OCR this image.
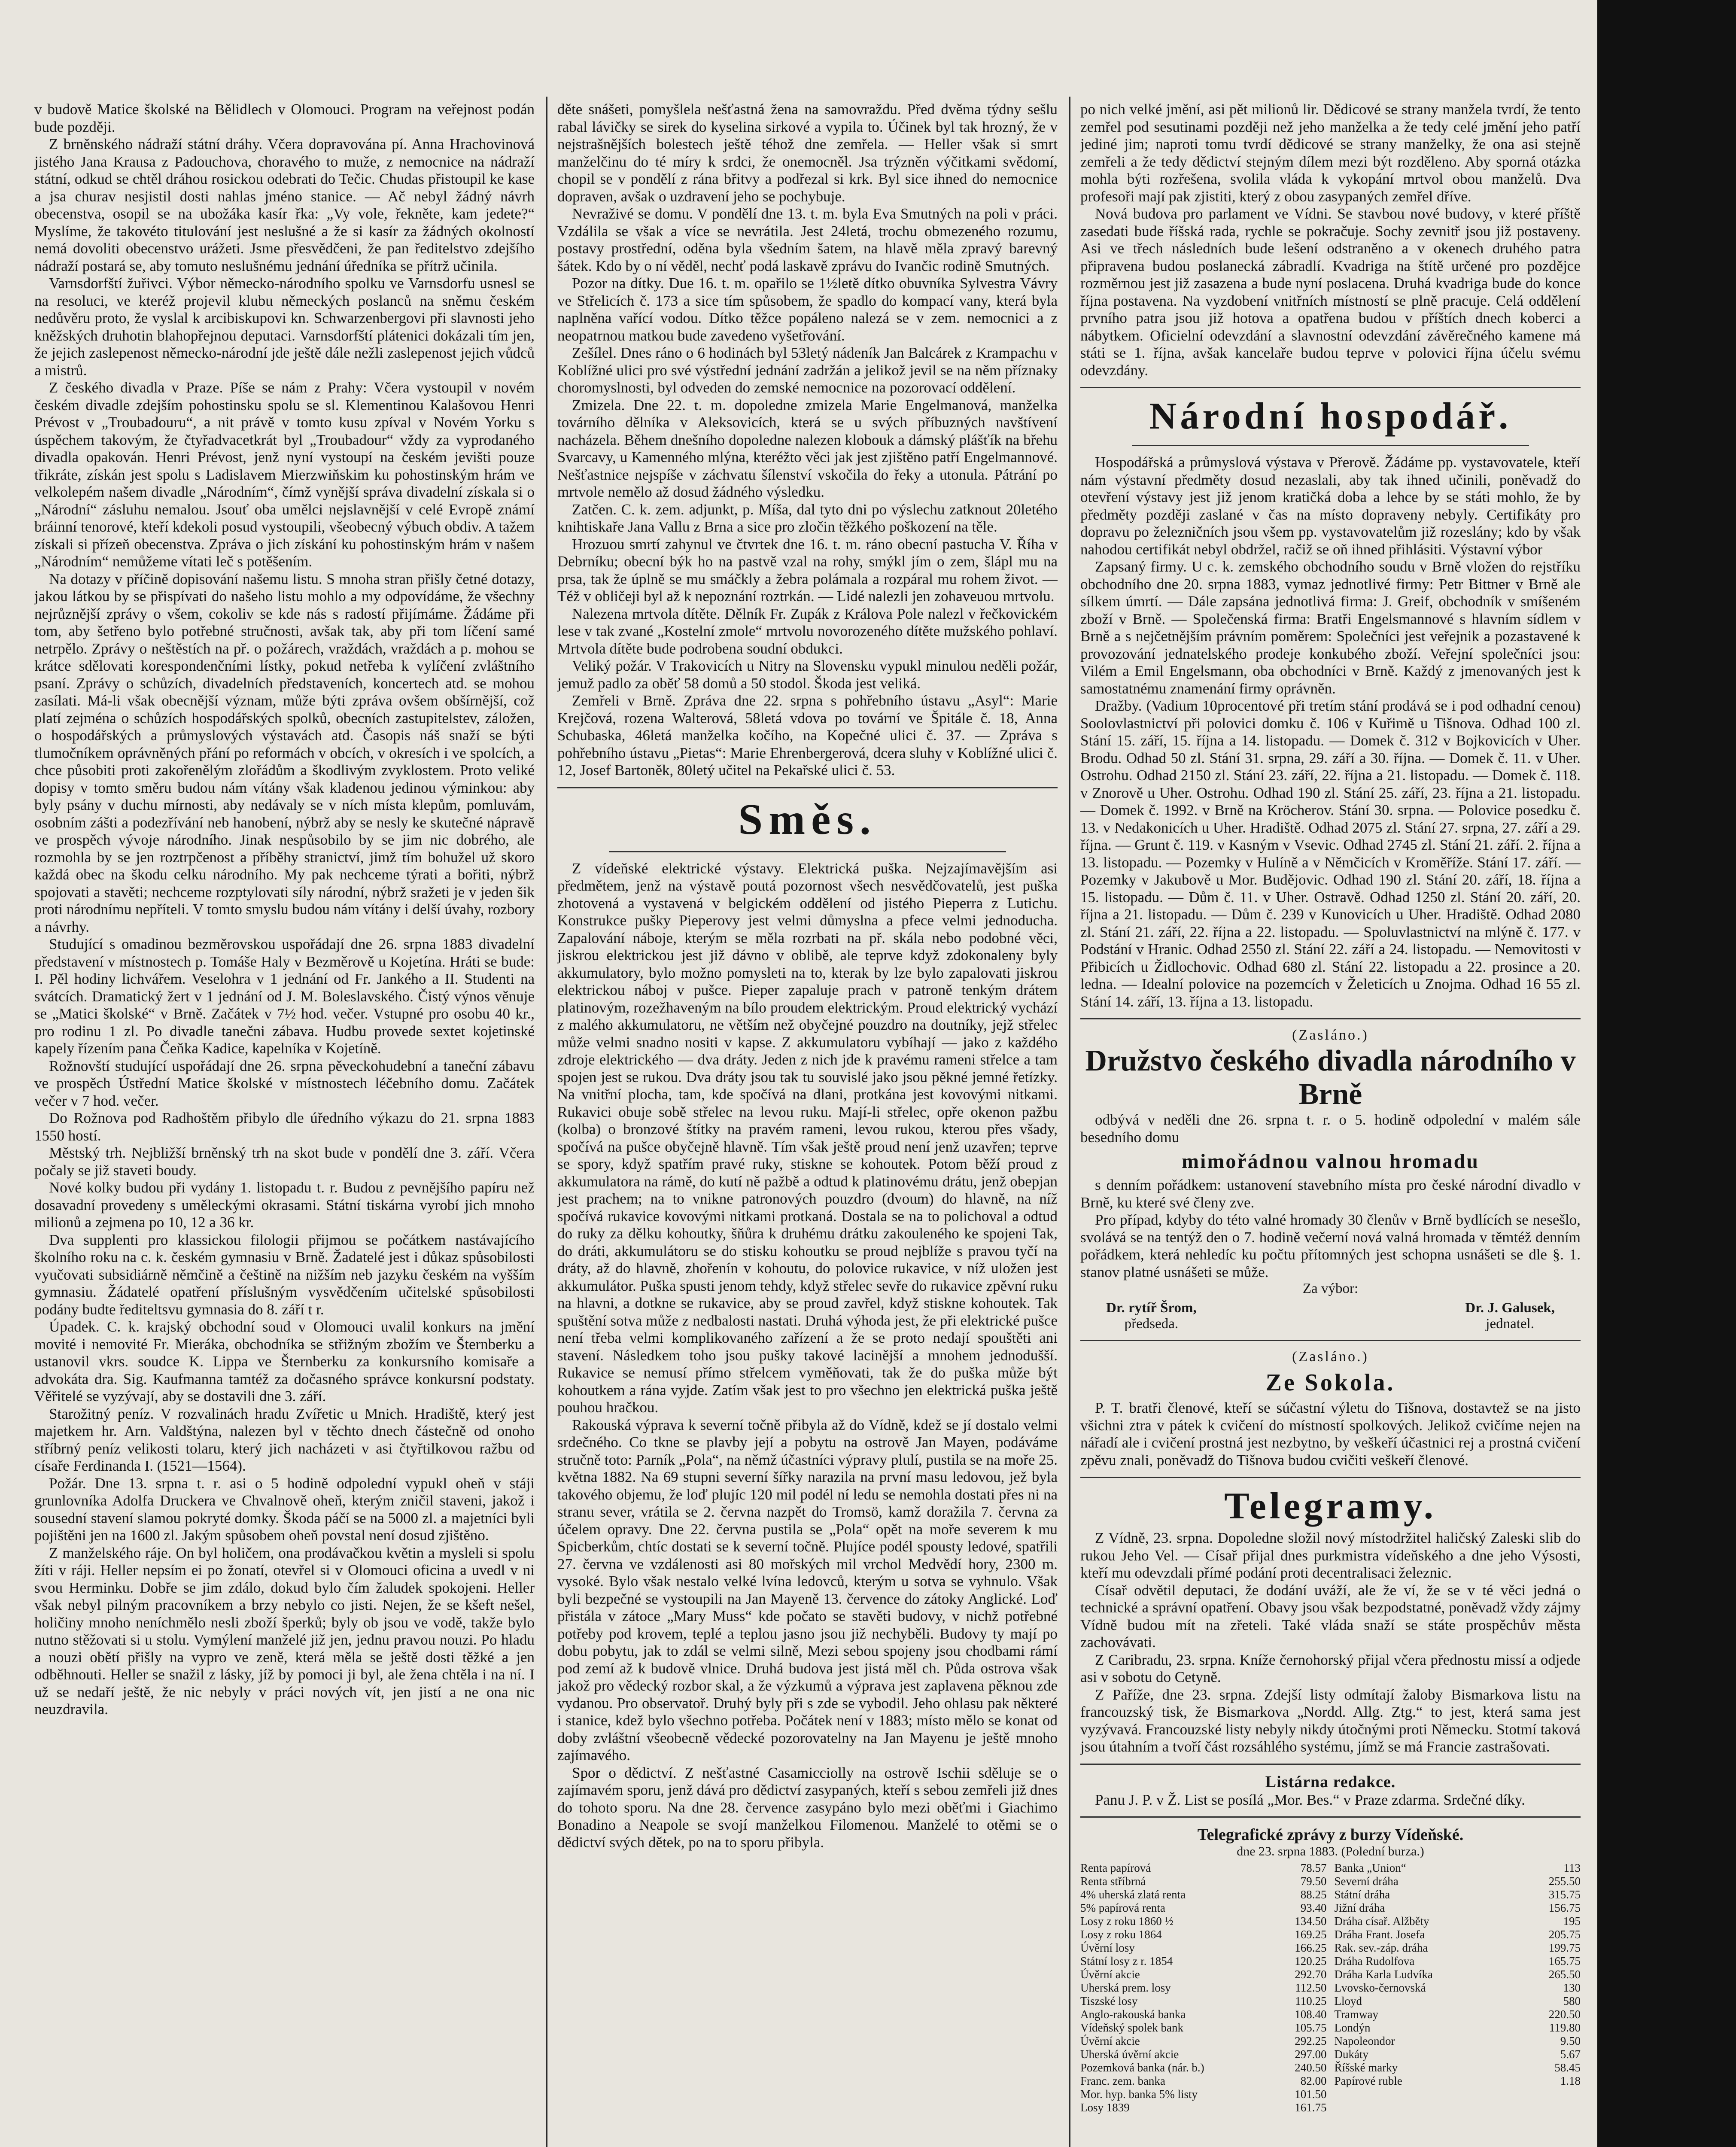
v budově Matice školské na Bělidlech v Olomouci. Program na veřejnost podán bude později.

Z brněnského nádraží státní dráhy. Včera dopravována pí. Anna Hrachovinová jistého Jana Krausa z Padouchova, choravého to muže, z nemocnice na nádraží státní, odkud se chtěl dráhou rosickou odebrati do Tečic. Chudas přistoupil ke kase a jsa churav nesjistil dosti nahlas jméno stanice. — Ač nebyl žádný návrh obecenstva, osopil se na ubožáka kasír řka: „Vy vole, řekněte, kam jedete?“ Myslíme, že takovéto titulování jest neslušné a že si kasír za žádných okolností nemá dovoliti obecenstvo urážeti. Jsme přesvědčeni, že pan ředitelstvo zdejšího nádraží postará se, aby tomuto neslušnému jednání úředníka se přítrž učinila.

Varnsdorfští žuřivci. Výbor německo-národního spolku ve Varnsdorfu usnesl se na resoluci, ve kteréž projevil klubu německých poslanců na sněmu českém nedůvěru proto, že vyslal k arcibiskupovi kn. Schwarzenbergovi při slavnosti jeho kněžských druhotin blahopřejnou deputaci. Varnsdorfští plátenici dokázali tím jen, že jejich zaslepenost německo-národní jde ještě dále nežli zaslepenost jejich vůdců a mistrů.

Z českého divadla v Praze. Píše se nám z Prahy: Včera vystoupil v novém českém divadle zdejším pohostinsku spolu se sl. Klementinou Kalašovou Henri Prévost v „Troubadouru“, a nit právě v tomto kusu zpíval v Novém Yorku s úspěchem takovým, že čtyřadvacetkrát byl „Troubadour“ vždy za vyprodaného divadla opakován. Henri Prévost, jenž nyní vystoupí na českém jevišti pouze třikráte, získán jest spolu s Ladislavem Mierzwiňskim ku pohostinským hrám ve velkolepém našem divadle „Národním“, čímž vynější správa divadelní získala si o „Národní“ zásluhu nemalou. Jsouť oba umělci nejslavnější v celé Evropě známí bráinní tenorové, kteří kdekoli posud vystoupili, všeobecný výbuch obdiv. A tažem získali si přízeň obecenstva. Zpráva o jich získání ku pohostinským hrám v našem „Národním“ nemůžeme vítati leč s potěšením.

Na dotazy v příčině dopisování našemu listu. S mnoha stran přišly četné dotazy, jakou látkou by se přispívati do našeho listu mohlo a my odpovídáme, že všechny nejrůznější zprávy o všem, cokoliv se kde nás s radostí přijímáme. Žádáme při tom, aby šetřeno bylo potřebné stručnosti, avšak tak, aby při tom líčení samé netrpělo. Zprávy o neštěstích na př. o požárech, vraždách, vraždách a p. mohou se krátce sdělovati korespondenčními lístky, pokud netřeba k vylíčení zvláštního psaní. Zprávy o schůzích, divadelních představeních, koncertech atd. se mohou zasílati. Má-li však obecnější význam, může býti zpráva ovšem obšírnější, což platí zejména o schůzích hospodářských spolků, obecních zastupitelstev, záložen, o hospodářských a průmyslových výstavách atd. Časopis náš snaží se býti tlumočníkem oprávněných přání po reformách v obcích, v okresích i ve spolcích, a chce působiti proti zakořenělým zlořádům a škodlivým zvyklostem. Proto veliké dopisy v tomto směru budou nám vítány však kladenou jedinou výminkou: aby byly psány v duchu mírnosti, aby nedávaly se v ních místa klepům, pomluvám, osobním zášti a podezřívání neb hanobení, nýbrž aby se nesly ke skutečné nápravě ve prospěch vývoje národního. Jinak nespůsobilo by se jim nic dobrého, ale rozmohla by se jen roztrpčenost a příběhy stranictví, jimž tím bohužel už skoro každá obec na škodu celku národního. My pak nechceme týrati a bořiti, nýbrž spojovati a stavěti; nechceme rozptylovati síly národní, nýbrž sražeti je v jeden šik proti národnímu nepříteli. V tomto smyslu budou nám vítány i delší úvahy, rozbory a návrhy.

Studující s omadinou bezměrovskou uspořádají dne 26. srpna 1883 divadelní představení v místnostech p. Tomáše Haly v Bezměrově u Kojetína. Hráti se bude: I. Pěl hodiny lichvářem. Veselohra v 1 jednání od Fr. Jankého a II. Studenti na svátcích. Dramatický žert v 1 jednání od J. M. Boleslavského. Čistý výnos věnuje se „Matici školské“ v Brně. Začátek v 7½ hod. večer. Vstupné pro osobu 40 kr., pro rodinu 1 zl. Po divadle tanečni zábava. Hudbu provede sextet kojetinské kapely řízením pana Čeňka Kadice, kapelníka v Kojetíně.

Rožnovští studující uspořádají dne 26. srpna pěveckohudební a taneční zábavu ve prospěch Ústřední Matice školské v místnostech léčebního domu. Začátek večer v 7 hod. večer.

Do Rožnova pod Radhoštěm přibylo dle úředního výkazu do 21. srpna 1883 1550 hostí.

Městský trh. Nejbližší brněnský trh na skot bude v pondělí dne 3. září. Včera počaly se již staveti boudy.

Nové kolky budou při vydány 1. listopadu t. r. Budou z pevnějšího papíru než dosavadní provedeny s uměleckými okrasami. Státní tiskárna vyrobí jich mnoho milionů a zejmena po 10, 12 a 36 kr.

Dva supplenti pro klassickou filologii přijmou se počátkem nastávajícího školního roku na c. k. českém gymnasiu v Brně. Žadatelé jest i důkaz spůsobilosti vyučovati subsidiárně němčině a češtině na nižším neb jazyku českém na vyšším gymnasiu. Žádatelé opatření příslušným vysvědčením učitelské spůsobilosti podány budte řediteltsvu gymnasia do 8. září t r.

Úpadek. C. k. krajský obchodní soud v Olomouci uvalil konkurs na jmění movité i nemovité Fr. Mieráka, obchodníka se střižným zbožím ve Šternberku a ustanovil vkrs. soudce K. Lippa ve Šternberku za konkursního komisaře a advokáta dra. Sig. Kaufmanna tamtéž za dočasného správce konkursní podstaty. Věřitelé se vyzývají, aby se dostavili dne 3. září.

Starožitný peníz. V rozvalinách hradu Zvířetic u Mnich. Hradiště, který jest majetkem hr. Arn. Valdštýna, nalezen byl v těchto dnech částečně od onoho stříbrný peníz velikosti tolaru, který jich nacházeti v asi čtyřtilkovou ražbu od císaře Ferdinanda I. (1521—1564).

Požár. Dne 13. srpna t. r. asi o 5 hodině odpolední vypukl oheň v stáji grunlovníka Adolfa Druckera ve Chvalnově oheň, kterým zničil staveni, jakož i sousední stavení slamou pokryté domky. Škoda páčí se na 5000 zl. a majetníci byli pojištěni jen na 1600 zl. Jakým spůsobem oheň povstal není dosud zjištěno.

Z manželského ráje. On byl holičem, ona prodávačkou květin a mysleli si spolu žíti v ráji. Heller nepsím ei po žonatí, otevřel si v Olomouci oficina a uvedl v ni svou Herminku. Dobře se jim zdálo, dokud bylo čím žaludek spokojeni. Heller však nebyl pilným pracovníkem a brzy nebylo co jisti. Nejen, že se kšeft nešel, holičiny mnoho neníchmělo nesli zboží šperků; byly ob jsou ve vodě, takže bylo nutno stěžovati si u stolu. Vymýlení manželé již jen, jednu pravou nouzi. Po hladu a nouzi obětí přišly na vypro ve zeně, která měla se ještě dosti těžké a jen odběhnouti. Heller se snažil z lásky, jíž by pomoci ji byl, ale žena chtěla i na ní. I už se nedaří ještě, že nic nebyly v práci nových vít, jen jistí a ne ona nic neuzdravila.

děte snášeti, pomyšlela nešťastná žena na samovraždu. Před dvěma týdny sešlu rabal lávičky se sirek do kyselina sirkové a vypila to. Účinek byl tak hrozný, že v nejstrašnějších bolestech ještě téhož dne zemřela. — Heller však si smrt manželčinu do té míry k srdci, že onemocněl. Jsa trýzněn výčitkami svědomí, chopil se v pondělí z rána břitvy a podřezal si krk. Byl sice ihned do nemocnice dopraven, avšak o uzdravení jeho se pochybuje.

Nevraživé se domu. V pondělí dne 13. t. m. byla Eva Smutných na poli v práci. Vzdálila se však a více se nevrátila. Jest 24letá, trochu obmezeného rozumu, postavy prostřední, oděna byla všedním šatem, na hlavě měla zpravý barevný šátek. Kdo by o ní věděl, nechť podá laskavě zprávu do Ivančic rodině Smutných.

Pozor na dítky. Due 16. t. m. opařilo se 1½letě dítko obuvníka Sylvestra Vávry ve Střelicích č. 173 a sice tím spůsobem, že spadlo do kompací vany, která byla naplněna vařící vodou. Dítko těžce popáleno nalezá se v zem. nemocnici a z neopatrnou matkou bude zavedeno vyšetřování.

Zešílel. Dnes ráno o 6 hodinách byl 53letý nádeník Jan Balcárek z Krampachu v Koblížné ulici pro své výstřední jednání zadržán a jelikož jevil se na něm příznaky choromyslnosti, byl odveden do zemské nemocnice na pozorovací oddělení.

Zmizela. Dne 22. t. m. dopoledne zmizela Marie Engelmanová, manželka továrního dělníka v Aleksovicích, která se u svých příbuzných navštívení nacházela. Během dnešního dopoledne nalezen klobouk a dámský plášťík na břehu Svarcavy, u Kamenného mlýna, kteréžto věci jak jest zjištěno patří Engelmannové. Nešťastnice nejspíše v záchvatu šílenství vskočila do řeky a utonula. Pátrání po mrtvole nemělo až dosud žádného výsledku.

Zatčen. C. k. zem. adjunkt, p. Míša, dal tyto dni po výslechu zatknout 20letého knihtiskaře Jana Vallu z Brna a sice pro zločin těžkého poškození na těle.

Hrozuou smrtí zahynul ve čtvrtek dne 16. t. m. ráno obecní pastucha V. Říha v Debrníku; obecní býk ho na pastvě vzal na rohy, smýkl jím o zem, šlápl mu na prsa, tak že úplně se mu smáčkly a žebra polámala a rozpáral mu rohem život. — Též v obličeji byl až k nepoznání roztrkán. — Lidé nalezli jen zohaveuou mrtvolu.

Nalezena mrtvola dítěte. Dělník Fr. Zupák z Králova Pole nalezl v řečkovickém lese v tak zvané „Kostelní zmole“ mrtvolu novorozeného dítěte mužského pohlaví. Mrtvola dítěte bude podrobena soudní obdukci.

Veliký požár. V Trakovicích u Nitry na Slovensku vypukl minulou neděli požár, jemuž padlo za oběť 58 domů a 50 stodol. Škoda jest veliká.

Zemřeli v Brně. Zpráva dne 22. srpna s pohřebního ústavu „Asyl“: Marie Krejčová, rozena Walterová, 58letá vdova po tovární ve Špitále č. 18, Anna Schubaska, 46letá manželka kočího, na Kopečné ulici č. 37. — Zpráva s pohřebního ústavu „Pietas“: Marie Ehrenbergerová, dcera sluhy v Koblížné ulici č. 12, Josef Bartoněk, 80letý učitel na Pekařské ulici č. 53.

Směs.

Z vídeňské elektrické výstavy. Elektrická puška. Nejzajímavějším asi předmětem, jenž na výstavě poutá pozornost všech nesvědčovatelů, jest puška zhotovená a vystavená v belgickém oddělení od jistého Pieperra z Lutichu. Konstrukce pušky Pieperovy jest velmi důmyslna a pfece velmi jednoducha. Zapalování náboje, kterým se měla rozrbati na př. skála nebo podobné věci, jiskrou elektrickou jest již dávno v oblibě, ale teprve když zdokonaleny byly akkumulatory, bylo možno pomysleti na to, kterak by lze bylo zapalovati jiskrou elektrickou náboj v pušce. Pieper zapaluje prach v patroně tenkým drátem platinovým, rozežhaveným na bílo proudem elektrickým. Proud elektrický vychází z malého akkumulatoru, ne větším než obyčejné pouzdro na doutníky, jejž střelec může velmi snadno nositi v kapse. Z akkumulatoru vybíhají — jako z každého zdroje elektrického — dva dráty. Jeden z nich jde k pravému rameni střelce a tam spojen jest se rukou. Dva dráty jsou tak tu souvislé jako jsou pěkné jemné řetízky. Na vnitřní plocha, tam, kde spočívá na dlani, protkána jest kovovými nitkami. Rukavici obuje sobě střelec na levou ruku. Mají-li střelec, opře okenon pažbu (kolba) o bronzové štítky na pravém rameni, levou rukou, kterou přes všady, spočívá na pušce obyčejně hlavně. Tím však ještě proud není jenž uzavřen; teprve se spory, když spatřím pravé ruky, stiskne se kohoutek. Potom běží proud z akkumulatora na rámě, do kutí ně pažbě a odtud k platinovému drátu, jenž obepjan jest prachem; na to vnikne patronových pouzdro (dvoum) do hlavně, na níž spočívá rukavice kovovými nitkami protkaná. Dostala se na to polichoval a odtud do ruky za dělku kohoutky, šňůra k druhému drátku zakouleného ke spojeni Tak, do dráti, akkumulátoru se do stisku kohoutku se proud nejblíže s pravou tyčí na dráty, až do hlavně, zhořenín v kohoutu, do polovice rukavice, v níž uložen jest akkumulátor. Puška spusti jenom tehdy, když střelec sevře do rukavice zpěvní ruku na hlavni, a dotkne se rukavice, aby se proud zavřel, když stiskne kohoutek. Tak spuštění sotva může z nedbalosti nastati. Druhá výhoda jest, že při elektrické pušce není třeba velmi komplikovaného zařízení a že se proto nedají spouštěti ani stavení. Následkem toho jsou pušky takové lacinější a mnohem jednodušší. Rukavice se nemusí přímo střelcem vyměňovati, tak že do puška může být kohoutkem a rána vyjde. Zatím však jest to pro všechno jen elektrická puška ještě pouhou hračkou.

Rakouská výprava k severní točně přibyla až do Vídně, kdež se jí dostalo velmi srdečného. Co tkne se plavby její a pobytu na ostrově Jan Mayen, podáváme stručně toto: Parník „Pola“, na němž účastníci výpravy plulí, pustila se na moře 25. května 1882. Na 69 stupni severní šířky narazila na první masu ledovou, jež byla takového objemu, že loď plujíc 120 mil podél ní ledu se nemohla dostati přes ni na stranu sever, vrátila se 2. června nazpět do Tromsö, kamž doražila 7. června za účelem opravy. Dne 22. června pustila se „Pola“ opět na moře severem k mu Spicberkům, chtíc dostati se k severní točně. Plujíce podél spousty ledové, spatřili 27. června ve vzdálenosti asi 80 mořských mil vrchol Medvědí hory, 2300 m. vysoké. Bylo však nestalo velké lvína ledovců, kterým u sotva se vyhnulo. Však byli bezpečné se vystoupili na Jan Mayeně 13. července do zátoky Anglické. Loď přistála v zátoce „Mary Muss“ kde počato se stavěti budovy, v nichž potřebné potřeby pod krovem, teplé a teplou jasno jsou již nechyběli. Budovy ty mají po dobu pobytu, jak to zdál se velmi silně, Mezi sebou spojeny jsou chodbami rámí pod zemí až k budově vlnice. Druhá budova jest jistá měl ch. Půda ostrova však jakož pro vědecký rozbor skal, a že výzkumů a výprava jest zaplavena pěknou zde vydanou. Pro observatoř. Druhý byly při s zde se vybodil. Jeho ohlasu pak některé i stanice, kdež bylo všechno potřeba. Počátek není v 1883; místo mělo se konat od doby zvláštní všeobecně vědecké pozorovatelny na Jan Mayenu je ještě mnoho zajímavého.

Spor o dědictví. Z nešťastné Casamicciolly na ostrově Ischii sděluje se o zajímavém sporu, jenž dává pro dědictví zasypaných, kteří s sebou zemřeli již dnes do tohoto sporu. Na dne 28. července zasypáno bylo mezi oběťmi i Giachimo Bonadino a Neapole se svojí manželkou Filomenou. Manželé to otěmi se o dědictví svých dětek, po na to sporu přibyla.

po nich velké jmění, asi pět milionů lir. Dědicové se strany manžela tvrdí, že tento zemřel pod sesutinami později než jeho manželka a že tedy celé jmění jeho patří jediné jim; naproti tomu tvrdí dědicové se strany manželky, že ona asi stejně zemřeli a že tedy dědictví stejným dílem mezi být rozděleno. Aby sporná otázka mohla býti rozřešena, svolila vláda k vykopání mrtvol obou manželů. Dva profesoři mají pak zjistiti, který z obou zasypaných zemřel dříve.

Nová budova pro parlament ve Vídni. Se stavbou nové budovy, v které příště zasedati bude říšská rada, rychle se pokračuje. Sochy zevnitř jsou již postaveny. Asi ve třech následních bude lešení odstraněno a v okenech druhého patra připravena budou poslanecká zábradlí. Kvadriga na štítě určené pro pozdějce rozměrnou jest již zasazena a bude nyní poslacena. Druhá kvadriga bude do konce října postavena. Na vyzdobení vnitřních místností se plně pracuje. Celá oddělení prvního patra jsou již hotova a opatřena budou v příštích dnech koberci a nábytkem. Oficielní odevzdání a slavnostní odevzdání závěrečného kamene má státi se 1. října, avšak kancelaře budou teprve v polovici října účelu svému odevzdány.

Národní hospodář.

Hospodářská a průmyslová výstava v Přerově. Žádáme pp. vystavovatele, kteří nám výstavní předměty dosud nezaslali, aby tak ihned učinili, poněvadž do otevření výstavy jest již jenom kratičká doba a lehce by se státi mohlo, že by předměty později zaslané v čas na místo dopraveny nebyly. Certifikáty pro dopravu po železničních jsou všem pp. vystavovatelům již rozeslány; kdo by však nahodou certifikát nebyl obdržel, račiž se oň ihned přihlásiti. Výstavní výbor

Zapsaný firmy. U c. k. zemského obchodního soudu v Brně vložen do rejstříku obchodního dne 20. srpna 1883, vymaz jednotlivé firmy: Petr Bittner v Brně ale sílkem úmrtí. — Dále zapsána jednotlivá firma: J. Greif, obchodník v smíšeném zboží v Brně. — Společenská firma: Bratři Engelsmannové s hlavním sídlem v Brně a s nejčetnějším právním poměrem: Společníci jest veřejnik a pozastavené k provozování jednatelského prodeje konkubého zboží. Veřejní společníci jsou: Vilém a Emil Engelsmann, oba obchodníci v Brně. Každý z jmenovaných jest k samostatnému znamenání firmy oprávněn.

Dražby. (Vadium 10procentové při tretím stání prodává se i pod odhadní cenou) Soolovlastnictví při polovici domku č. 106 v Kuřimě u Tišnova. Odhad 100 zl. Stání 15. září, 15. října a 14. listopadu. — Domek č. 312 v Bojkovicích v Uher. Brodu. Odhad 50 zl. Stání 31. srpna, 29. září a 30. října. — Domek č. 11. v Uher. Ostrohu. Odhad 2150 zl. Stání 23. září, 22. října a 21. listopadu. — Domek č. 118. v Znorově u Uher. Ostrohu. Odhad 190 zl. Stání 25. září, 23. října a 21. listopadu. — Domek č. 1992. v Brně na Kröcherov. Stání 30. srpna. — Polovice posedku č. 13. v Nedakonicích u Uher. Hradiště. Odhad 2075 zl. Stání 27. srpna, 27. září a 29. října. — Grunt č. 119. v Kasným v Vsevic. Odhad 2745 zl. Stání 21. září. 2. října a 13. listopadu. — Pozemky v Hulíně a v Němčicích v Kroměříže. Stání 17. září. — Pozemky v Jakubově u Mor. Budějovic. Odhad 190 zl. Stání 20. září, 18. října a 15. listopadu. — Dům č. 11. v Uher. Ostravě. Odhad 1250 zl. Stání 20. září, 20. října a 21. listopadu. — Dům č. 239 v Kunovicích u Uher. Hradiště. Odhad 2080 zl. Stání 21. září, 22. října a 22. listopadu. — Spoluvlastnictví na mlýně č. 177. v Podstání v Hranic. Odhad 2550 zl. Stání 22. září a 24. listopadu. — Nemovitosti v Přibicích u Židlochovic. Odhad 680 zl. Stání 22. listopadu a 22. prosince a 20. ledna. — Idealní polovice na pozemcích v Želeticích u Znojma. Odhad 16 55 zl. Stání 14. září, 13. října a 13. listopadu.

(Zasláno.)
Družstvo českého divadla národního v Brně

odbývá v neděli dne 26. srpna t. r. o 5. hodině odpolední v malém sále besedního domu

mimořádnou valnou hromadu

s denním pořádkem: ustanovení stavebního místa pro české národní divadlo v Brně, ku které své členy zve.

Pro případ, kdyby do této valné hromady 30 členův v Brně bydlících se nesešlo, svolává se na tentýž den o 7. hodině večerní nová valná hromada v těmtéž denním pořádkem, která nehledíc ku počtu přítomných jest schopna usnášeti se dle §. 1. stanov platné usnášeti se může.

Za výbor:
Dr. rytíř Šrom,
předseda.
Dr. J. Galusek,
jednatel.
(Zasláno.)
Ze Sokola.

P. T. bratři členové, kteří se súčastní výletu do Tišnova, dostavtež se na jisto všichni ztra v pátek k cvičení do místností spolkových. Jelikož cvičíme nejen na nářadí ale i cvičení prostná jest nezbytno, by veškeří účastnici rej a prostná cvičení zpěvu znali, poněvadž do Tišnova budou cvičiti veškeří členové.

Telegramy.

Z Vídně, 23. srpna. Dopoledne složil nový místodržitel haličský Zaleski slib do rukou Jeho Vel. — Císař přijal dnes purkmistra vídeňského a dne jeho Výsosti, kteří mu odevzdali přímé podání proti decentralisaci železnic.

Císař odvětil deputaci, že dodání uváží, ale že ví, že se v té věci jedná o technické a správní opatření. Obavy jsou však bezpodstatné, poněvadž vždy zájmy Vídně budou mít na zřeteli. Také vláda snaží se státe prospěchův města zachovávati.

Z Caribradu, 23. srpna. Kníže černohorský přijal včera přednostu missí a odjede asi v sobotu do Cetyně.

Z Paříže, dne 23. srpna. Zdejší listy odmítají žaloby Bismarkova listu na francouzský tisk, že Bismarkova „Nordd. Allg. Ztg.“ to jest, která sama jest vyzývavá. Francouzské listy nebyly nikdy útočnými proti Německu. Stotmí taková jsou útahním a tvoří část rozsáhlého systému, jímž se má Francie zastrašovati.

Listárna redakce.

Panu J. P. v Ž. List se posílá „Mor. Bes.“ v Praze zdarma. Srdečné díky.

Telegrafické zprávy z burzy Vídeňské.
dne 23. srpna 1883. (Polední burza.)
Renta papírová	78.57
Renta stříbrná	79.50
4% uherská zlatá renta	88.25
5% papírová renta	93.40
Losy z roku 1860 ½	134.50
Losy z roku 1864	169.25
Úvěrní losy	166.25
Státní losy z r. 1854	120.25
Úvěrní akcie	292.70
Uherská prem. losy	112.50
Tiszské losy	110.25
Anglo-rakouská banka	108.40
Vídeňský spolek bank	105.75
Úvěrní akcie	292.25
Uherská úvěrní akcie	297.00
Pozemková banka (nár. b.)	240.50
Franc. zem. banka	82.00
Mor. hyp. banka 5% listy	101.50
Losy 1839	161.75
Banka „Union“	113
Severní dráha	255.50
Státní dráha	315.75
Jižní dráha	156.75
Dráha císař. Alžběty	195
Dráha Frant. Josefa	205.75
Rak. sev.-záp. dráha	199.75
Dráha Rudolfova	165.75
Dráha Karla Ludvíka	265.50
Lvovsko-černovská	130
Lloyd	580
Tramway	220.50
Londýn	119.80
Napoleondor	9.50
Dukáty	5.67
Říšské marky	58.45
Papírové ruble	1.18
